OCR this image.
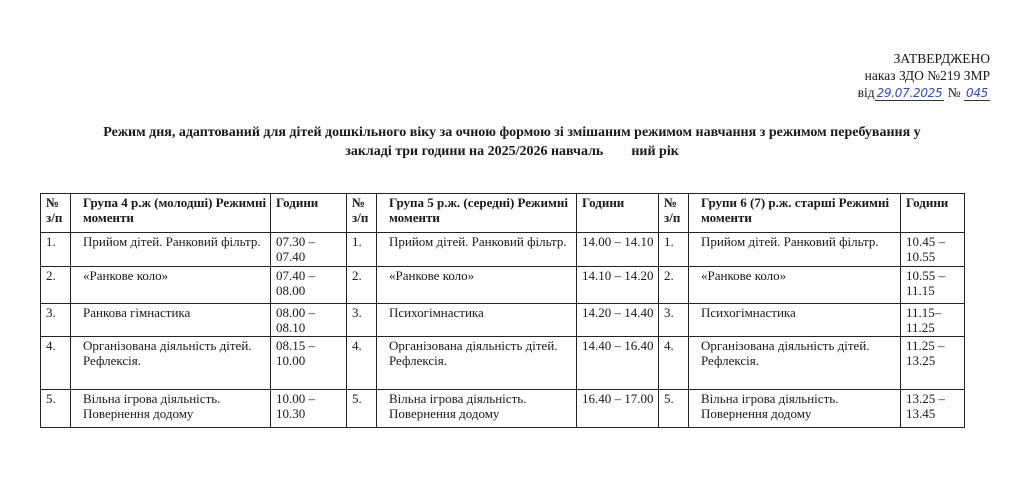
ЗАТВЕРДЖЕНО
наказ ЗДО №219 ЗМР
від 29.07.2025 № 045
Режим дня, адаптований для дітей дошкільного віку за очною формою зі змішаним режимом навчання з режимом перебування у
закладі три години на 2025/2026 навчаль        ний рік
№ з/п	Група 4 р.ж (молодші) Режимні моменти	Години	№ з/п	Група 5 р.ж. (середні) Режимні моменти	Години	№ з/п	Групи 6 (7) р.ж. старші Режимні моменти	Години
1.	Прийом дітей. Ранковий фільтр.	07.30 – 07.40	1.	Прийом дітей. Ранковий фільтр.	14.00 – 14.10	1.	Прийом дітей. Ранковий фільтр.	10.45 – 10.55
2.	«Ранкове коло»	07.40 – 08.00	2.	«Ранкове коло»	14.10 – 14.20	2.	«Ранкове коло»	10.55 – 11.15
3.	Ранкова гімнастика	08.00 – 08.10	3.	Психогімнастика	14.20 – 14.40	3.	Психогімнастика	11.15– 11.25
4.	Організована діяльність дітей. Рефлексія.	08.15 – 10.00	4.	Організована діяльність дітей. Рефлексія.	14.40 – 16.40	4.	Організована діяльність дітей. Рефлексія.	11.25 – 13.25
5.	Вільна ігрова діяльність. Повернення додому	10.00 – 10.30	5.	Вільна ігрова діяльність. Повернення додому	16.40 – 17.00	5.	Вільна ігрова діяльність. Повернення додому	13.25 – 13.45
